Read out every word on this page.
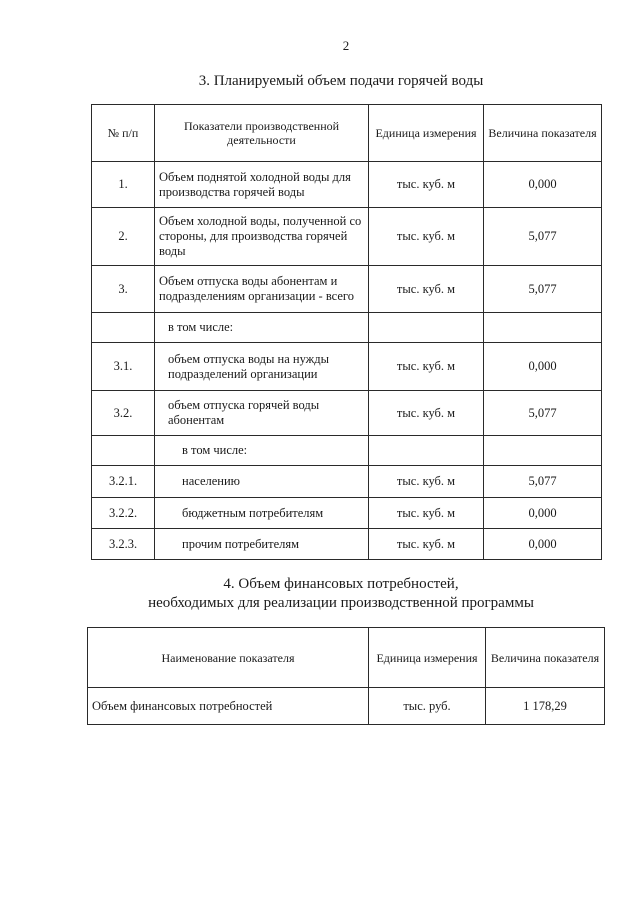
2
3. Планируемый объем подачи горячей воды
№ п/п	Показатели производственной деятельности	Единица измерения	Величина показателя
1.	Объем поднятой холодной воды для производства горячей воды	тыс. куб. м	0,000
2.	Объем холодной воды, полученной со стороны, для производства горячей воды	тыс. куб. м	5,077
3.	Объем отпуска воды абонентам и подразделениям организации - всего	тыс. куб. м	5,077
	в том числе:		
3.1.	объем отпуска воды на нужды подразделений организации	тыс. куб. м	0,000
3.2.	объем отпуска горячей воды абонентам	тыс. куб. м	5,077
	в том числе:		
3.2.1.	населению	тыс. куб. м	5,077
3.2.2.	бюджетным потребителям	тыс. куб. м	0,000
3.2.3.	прочим потребителям	тыс. куб. м	0,000
4. Объем финансовых потребностей,
необходимых для реализации производственной программы
Наименование показателя	Единица измерения	Величина показателя
Объем финансовых потребностей	тыс. руб.	1 178,29
